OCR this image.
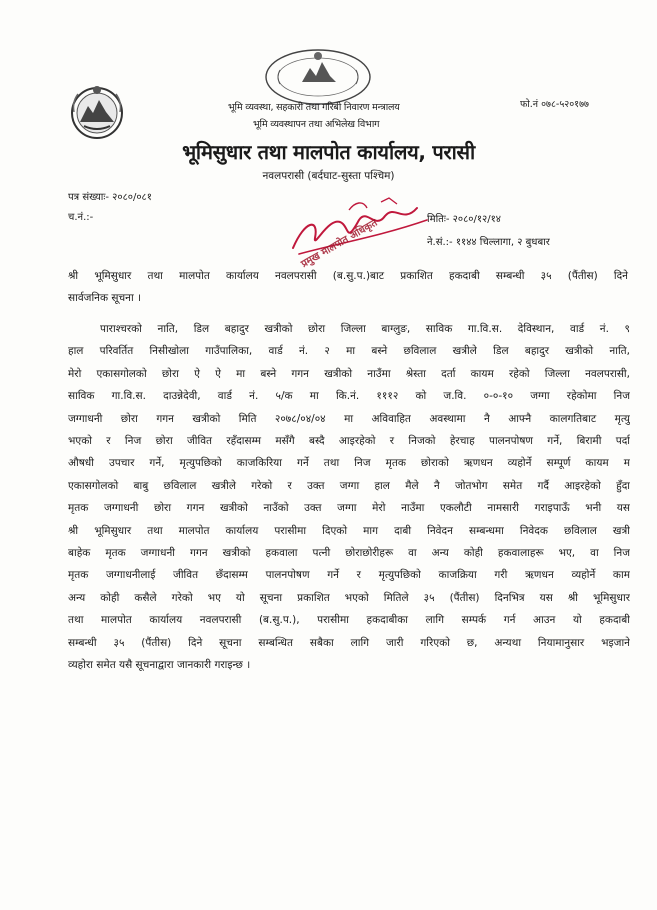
फो.नं ०७८-५२०१७७
भूमि व्यवस्था, सहकारी तथा गरिबी निवारण मन्त्रालय
भूमि व्यवस्थापन तथा अभिलेख विभाग
भूमिसुधार तथा मालपोत कार्यालय, परासी
नवलपरासी (बर्दघाट-सुस्ता पश्चिम)
पत्र संख्याः- २०८०/०८१
च.नं.:-	मितिः- २०८०/१२/१४
ने.सं.:- ११४४ चिल्लागा, २ बुधबार
प्रमुख मालपोत अधिकृत
श्री भूमिसुधार तथा मालपोत कार्यालय नवलपरासी (ब.सु.प.)बाट प्रकाशित हकदाबी सम्बन्धी ३५ (पैंतीस) दिने
सार्वजनिक सूचना ।
पाराश्चरको नाति, डिल बहादुर खत्रीको छोरा जिल्ला बाग्लुङ, साविक गा.वि.स. देविस्थान, वार्ड नं. ९
हाल परिवर्तित निसीखोला गाउँपालिका, वार्ड नं. २ मा बस्ने छविलाल खत्रीले डिल बहादुर खत्रीको नाति,
मेरो एकासगोलको छोरा ऐ ऐ मा बस्ने गगन खत्रीको नाउँमा श्रेस्ता दर्ता कायम रहेको जिल्ला नवलपरासी,
साविक गा.वि.स. दाउन्नेदेवी, वार्ड नं. ५/क मा कि.नं. १११२ को ज.वि. ०-०-१० जग्गा रहेकोमा निज
जग्गाधनी छोरा गगन खत्रीको मिति २०७८/०४/०४ मा अविवाहित अवस्थामा नै आफ्नै कालगतिबाट मृत्यु
भएको र निज छोरा जीवित रहँदासम्म मसँगै बस्दै आइरहेको र निजको हेरचाह पालनपोषण गर्ने, बिरामी पर्दा
औषधी उपचार गर्ने, मृत्युपछिको काजकिरिया गर्ने तथा निज मृतक छोराको ऋणधन व्यहोर्ने सम्पूर्ण कायम म
एकासगोलको बाबु छविलाल खत्रीले गरेको र उक्त जग्गा हाल मैले नै जोतभोग समेत गर्दै आइरहेको हुँदा
मृतक जग्गाधनी छोरा गगन खत्रीको नाउँको उक्त जग्गा मेरो नाउँमा एकलौटी नामसारी गराइपाऊँ भनी यस
श्री भूमिसुधार तथा मालपोत कार्यालय परासीमा दिएको माग दाबी निवेदन सम्बन्धमा निवेदक छविलाल खत्री
बाहेक मृतक जग्गाधनी गगन खत्रीको हकवाला पत्नी छोराछोरीहरू वा अन्य कोही हकवालाहरू भए, वा निज
मृतक जग्गाधनीलाई जीवित छँदासम्म पालनपोषण गर्ने र मृत्युपछिको काजक्रिया गरी ऋणधन व्यहोर्ने काम
अन्य कोही कसैले गरेको भए यो सूचना प्रकाशित भएको मितिले ३५ (पैंतीस) दिनभित्र यस श्री भूमिसुधार
तथा मालपोत कार्यालय नवलपरासी (ब.सु.प.), परासीमा हकदाबीका लागि सम्पर्क गर्न आउन यो हकदाबी
सम्बन्धी ३५ (पैंतीस) दिने सूचना सम्बन्धित सबैका लागि जारी गरिएको छ, अन्यथा नियामानुसार भइजाने
व्यहोरा समेत यसै सूचनाद्वारा जानकारी गराइन्छ ।
